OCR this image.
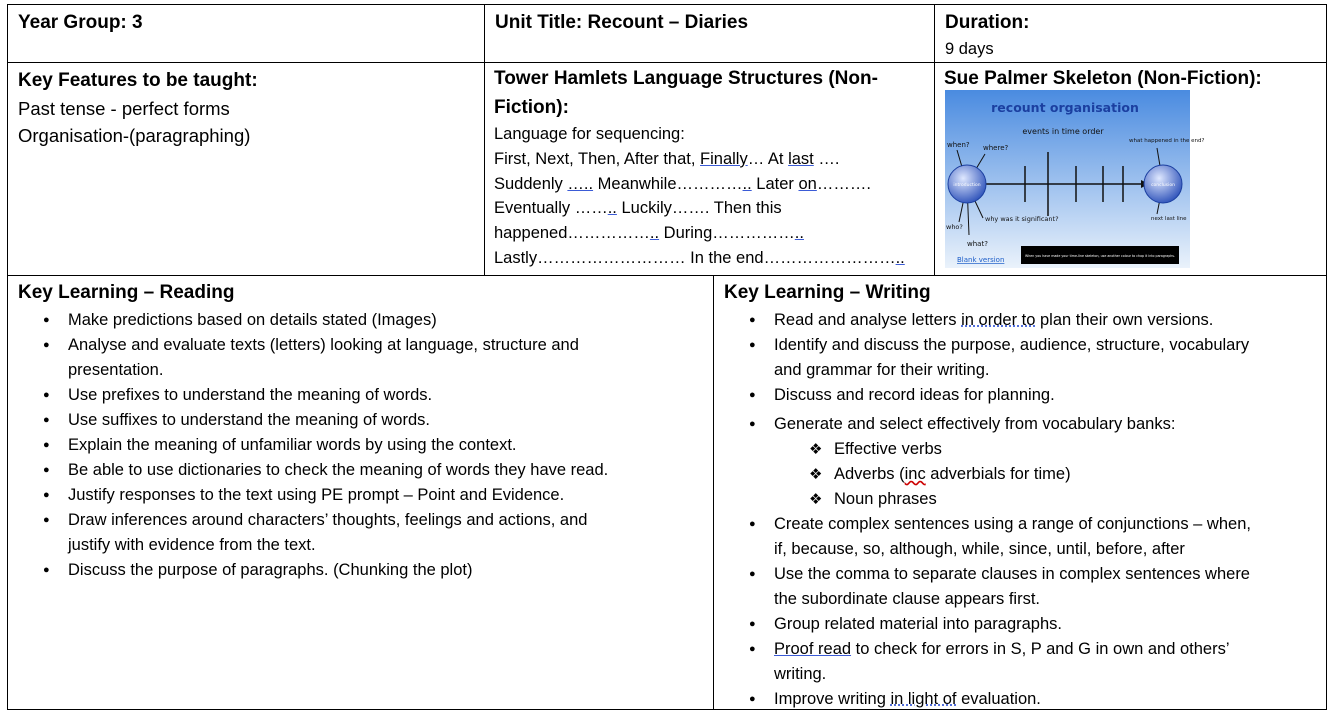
Year Group: 3	Unit Title: Recount – Diaries	Duration:
9 days
Key Features to be taught:
Past tense - perfect forms
Organisation-(paragraphing)
Tower Hamlets Language Structures (Non-
Fiction):
Language for sequencing:
First, Next, Then, After that, Finally… At last ….
Suddenly ….. Meanwhile………….. Later on……….
Eventually …….. Luckily……. Then this
happened…………….. During……………..
Lastly……………………… In the end……………………..
Sue Palmer Skeleton (Non-Fiction):
recount organisation
events in time order
when? where?
what happened in the end?
introduction	conclusion
who?
why was it significant?
what?
next last line
Blank version
When you have made your time-line skeleton, use another colour to chop it into paragraphs.
Key Learning – Reading
● Make predictions based on details stated (Images)
● Analyse and evaluate texts (letters) looking at language, structure and
presentation.
● Use prefixes to understand the meaning of words.
● Use suffixes to understand the meaning of words.
● Explain the meaning of unfamiliar words by using the context.
● Be able to use dictionaries to check the meaning of words they have read.
● Justify responses to the text using PE prompt – Point and Evidence.
● Draw inferences around characters’ thoughts, feelings and actions, and
justify with evidence from the text.
● Discuss the purpose of paragraphs. (Chunking the plot)
Key Learning – Writing
● Read and analyse letters in order to plan their own versions.
● Identify and discuss the purpose, audience, structure, vocabulary
and grammar for their writing.
● Discuss and record ideas for planning.
● Generate and select effectively from vocabulary banks:
❖ Effective verbs
❖ Adverbs (inc adverbials for time)
❖ Noun phrases
● Create complex sentences using a range of conjunctions – when,
if, because, so, although, while, since, until, before, after
● Use the comma to separate clauses in complex sentences where
the subordinate clause appears first.
● Group related material into paragraphs.
● Proof read to check for errors in S, P and G in own and others’
writing.
● Improve writing in light of evaluation.
